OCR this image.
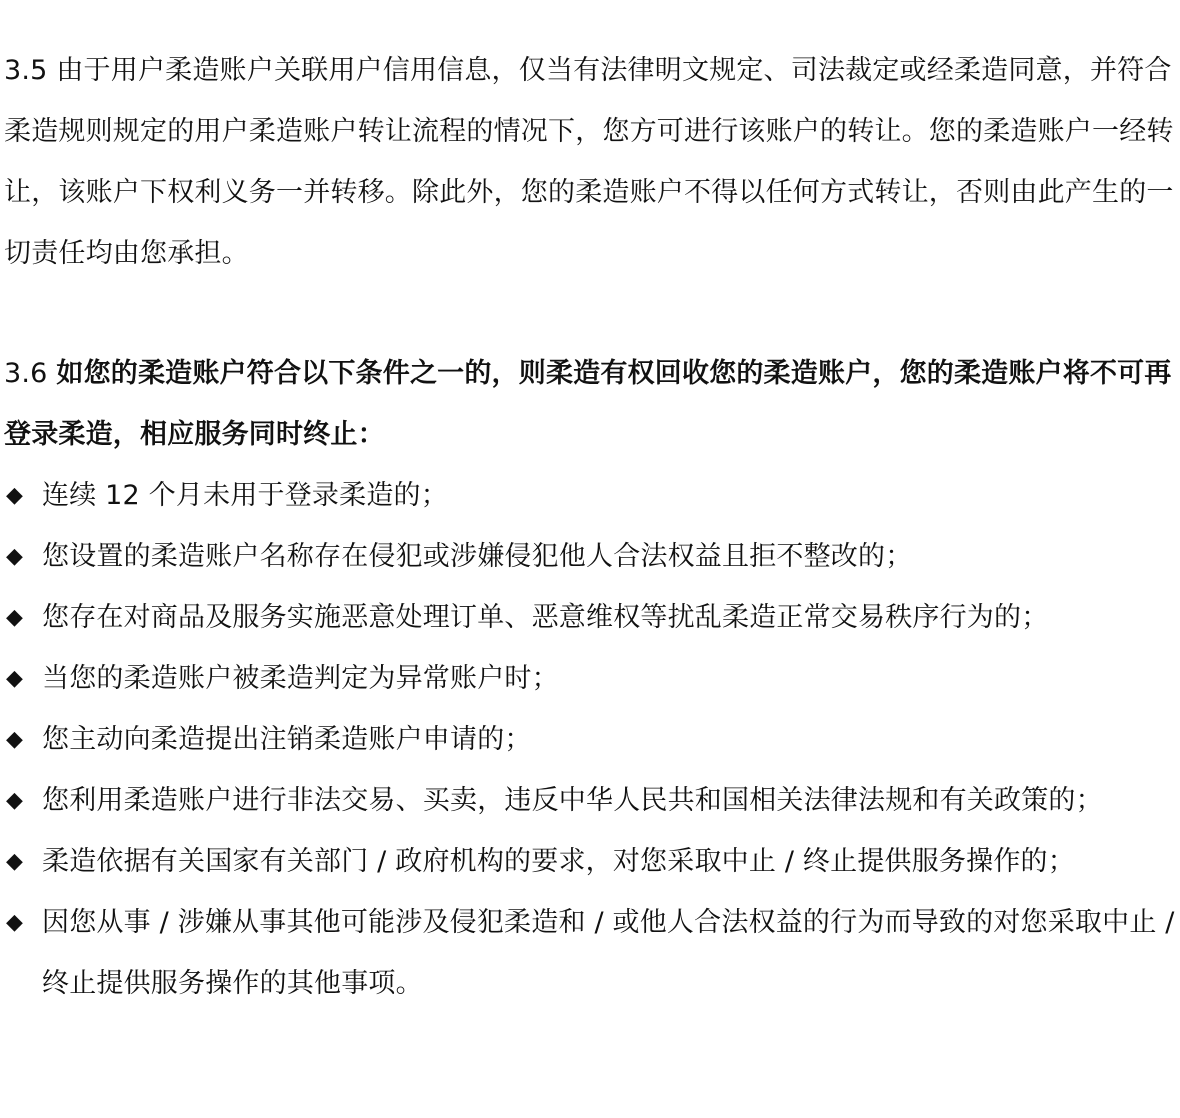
3.5 由于用户柔造账户关联用户信用信息，仅当有法律明文规定、司法裁定或经柔造同意，并符合柔造规则规定的用户柔造账户转让流程的情况下，您方可进行该账户的转让。您的柔造账户一经转让，该账户下权利义务一并转移。除此外，您的柔造账户不得以任何方式转让，否则由此产生的一切责任均由您承担。

3.6 如您的柔造账户符合以下条件之一的，则柔造有权回收您的柔造账户，您的柔造账户将不可再登录柔造，相应服务同时终止：

◆ 连续 12 个月未用于登录柔造的；
◆ 您设置的柔造账户名称存在侵犯或涉嫌侵犯他人合法权益且拒不整改的；
◆ 您存在对商品及服务实施恶意处理订单、恶意维权等扰乱柔造正常交易秩序行为的；
◆ 当您的柔造账户被柔造判定为异常账户时；
◆ 您主动向柔造提出注销柔造账户申请的；
◆ 您利用柔造账户进行非法交易、买卖，违反中华人民共和国相关法律法规和有关政策的；
◆ 柔造依据有关国家有关部门 / 政府机构的要求，对您采取中止 / 终止提供服务操作的；
◆ 因您从事 / 涉嫌从事其他可能涉及侵犯柔造和 / 或他人合法权益的行为而导致的对您采取中止 / 终止提供服务操作的其他事项。
